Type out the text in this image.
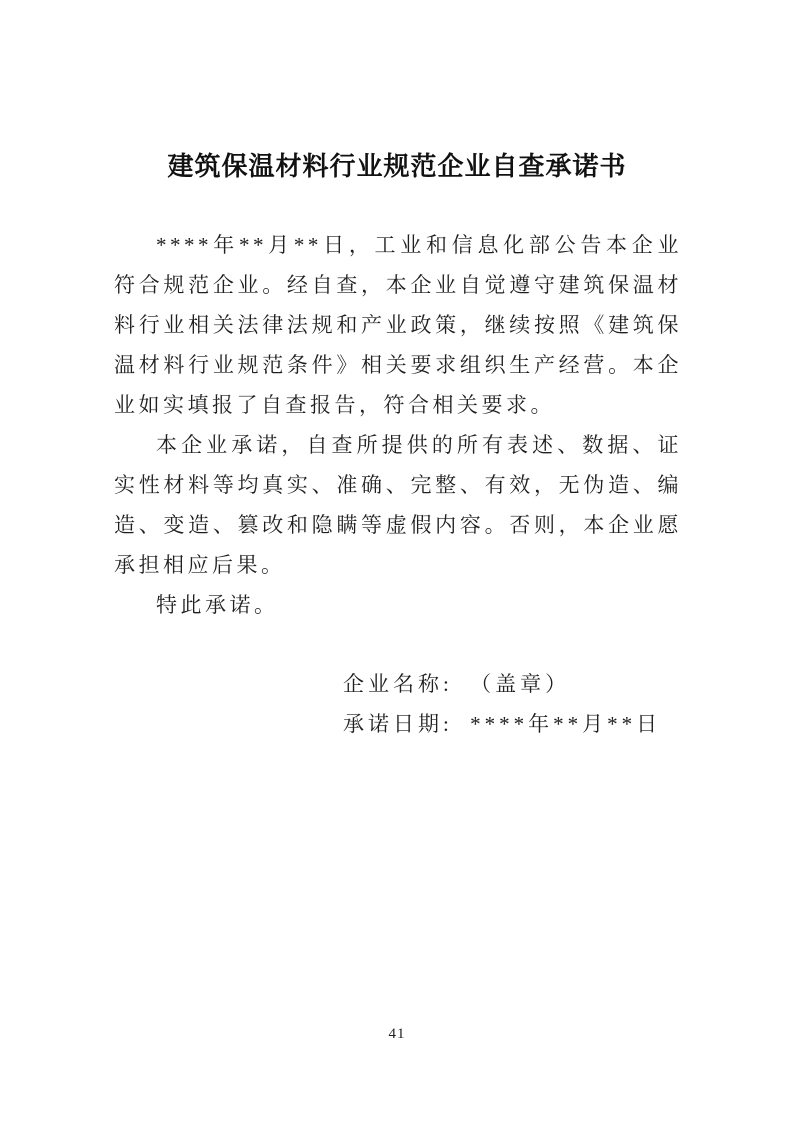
建筑保温材料行业规范企业自查承诺书

****年**月**日，工业和信息化部公告本企业符合规范企业。经自查，本企业自觉遵守建筑保温材料行业相关法律法规和产业政策，继续按照《建筑保温材料行业规范条件》相关要求组织生产经营。本企业如实填报了自查报告，符合相关要求。

本企业承诺，自查所提供的所有表述、数据、证实性材料等均真实、准确、完整、有效，无伪造、编造、变造、篡改和隐瞒等虚假内容。否则，本企业愿承担相应后果。

特此承诺。

企业名称: （盖章）
承诺日期: ****年**月**日
41
